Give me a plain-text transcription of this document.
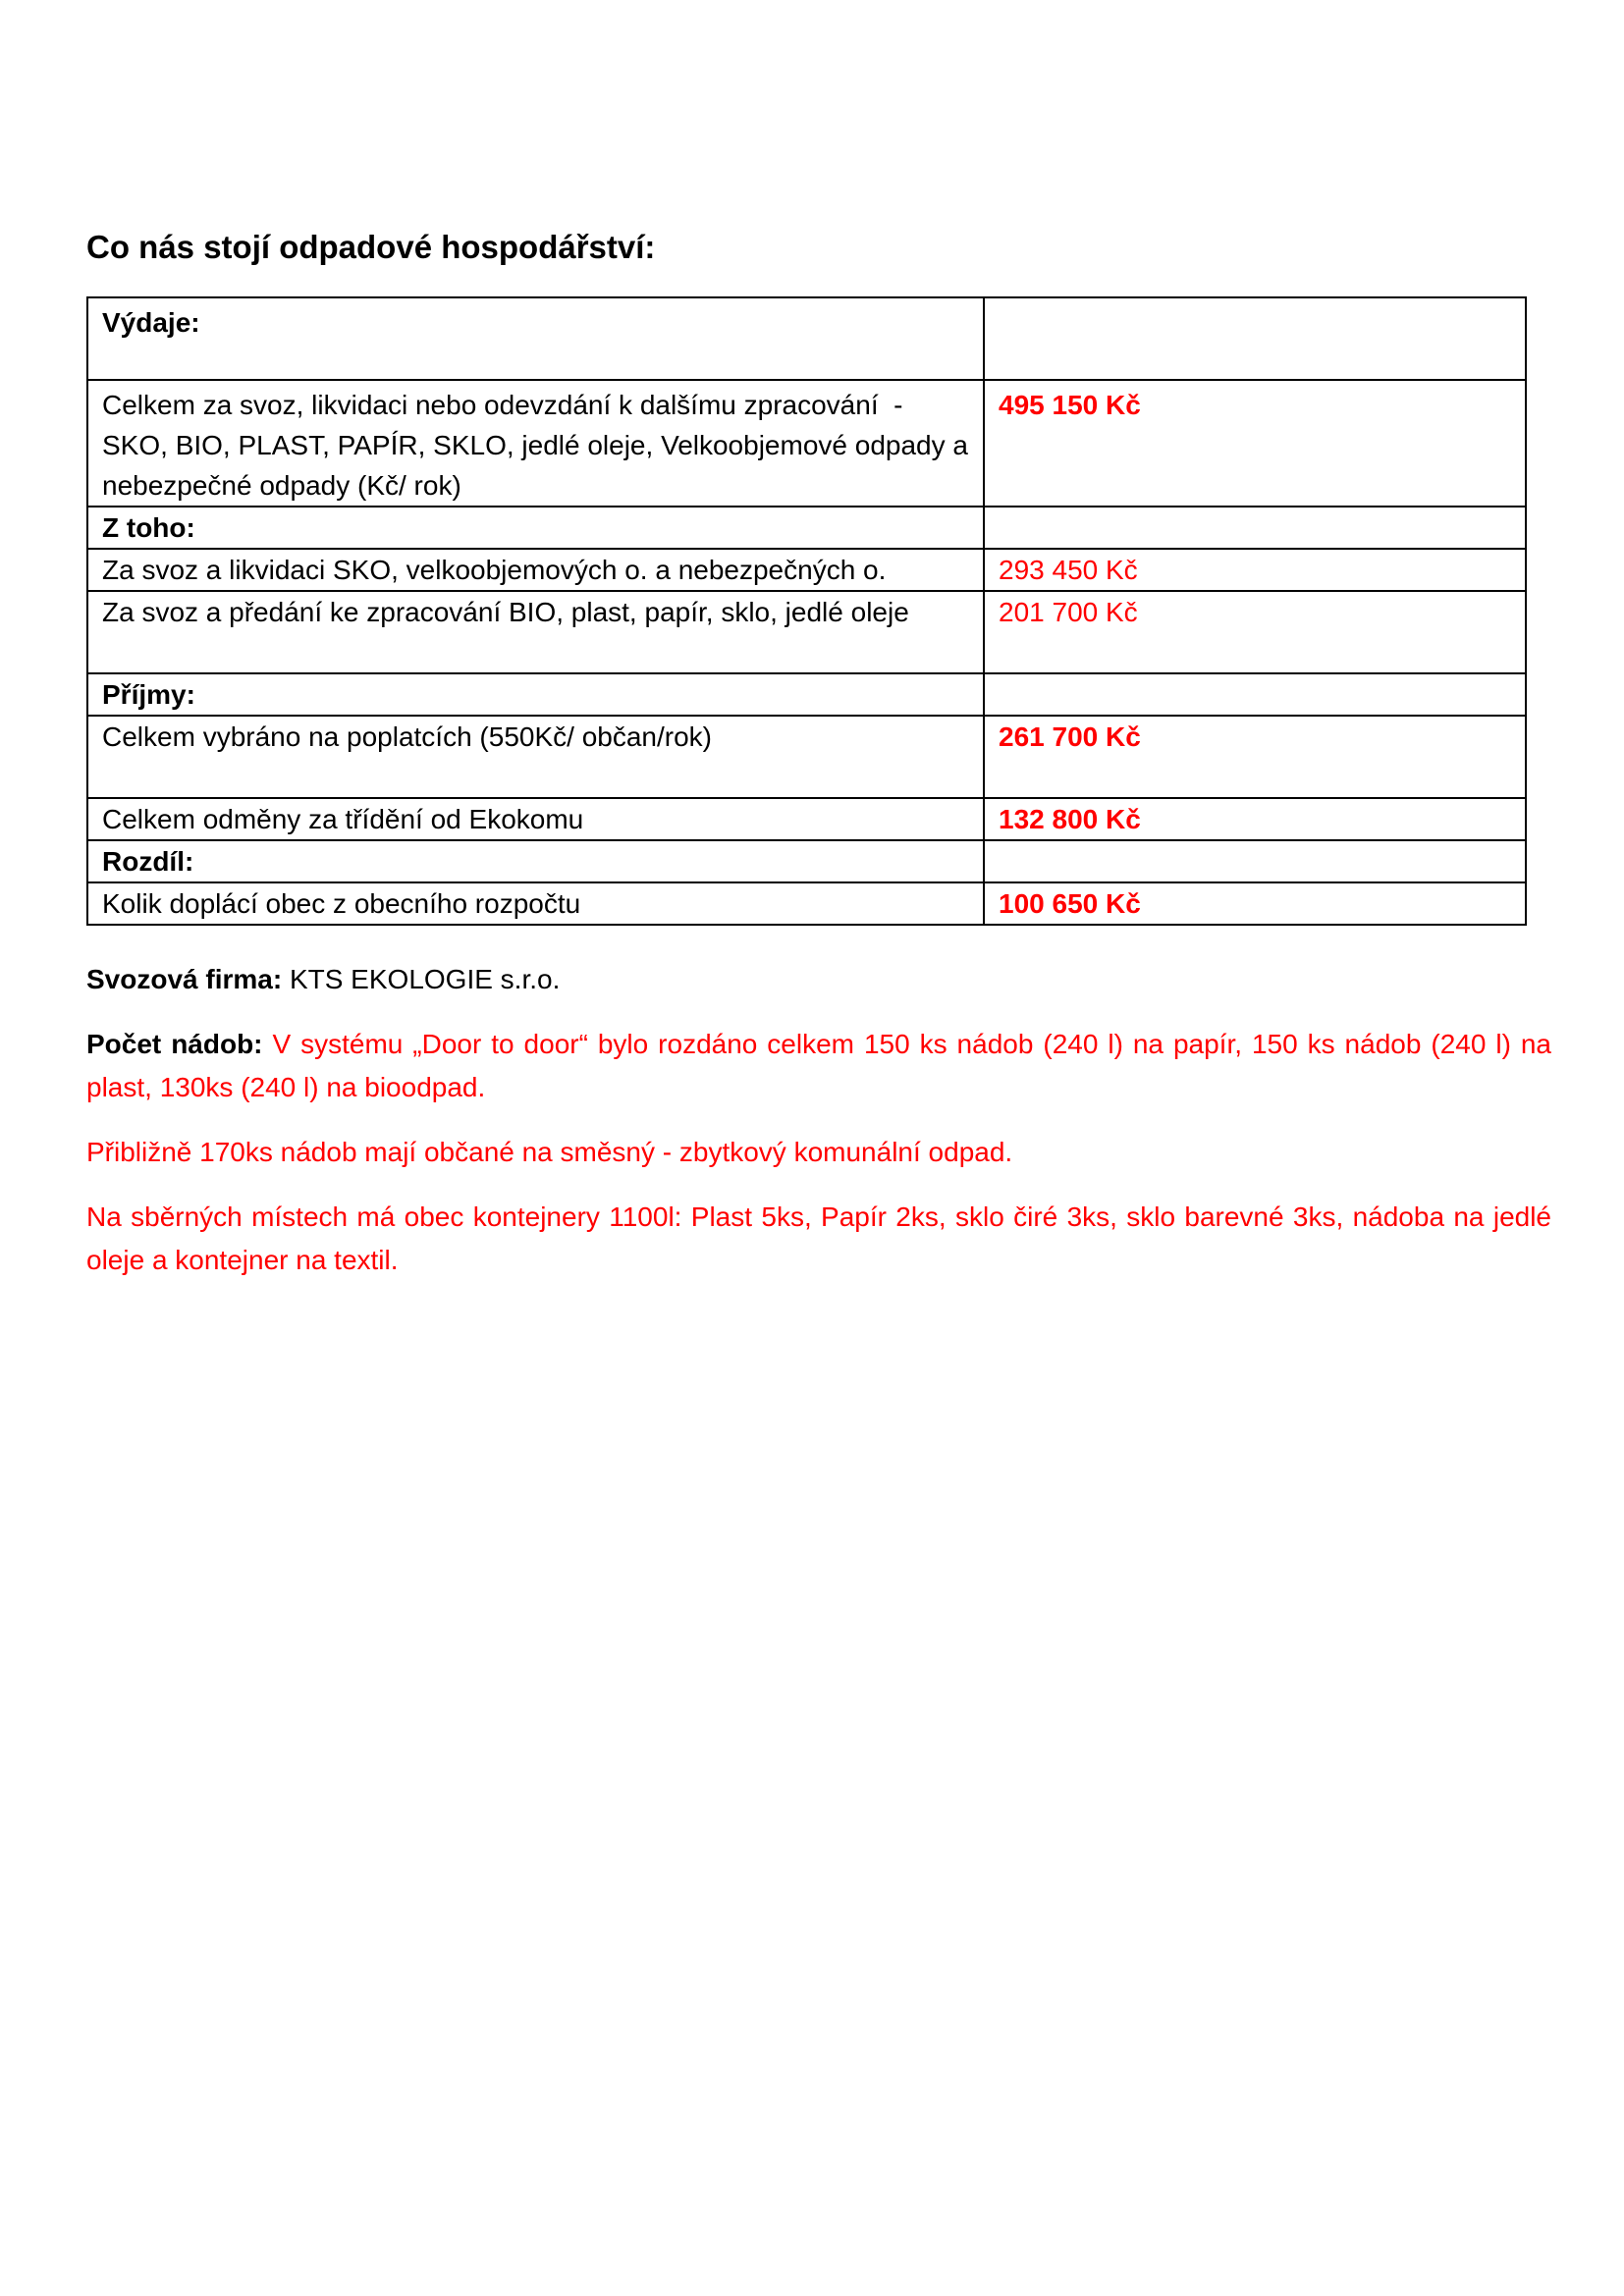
Co nás stojí odpadové hospodářství:
Výdaje:	
Celkem za svoz, likvidaci nebo odevzdání k dalšímu zpracování  - SKO, BIO, PLAST, PAPÍR, SKLO, jedlé oleje, Velkoobjemové odpady a nebezpečné odpady (Kč/ rok)	495 150 Kč
Z toho:	
Za svoz a likvidaci SKO, velkoobjemových o. a nebezpečných o.	293 450 Kč
Za svoz a předání ke zpracování BIO, plast, papír, sklo, jedlé oleje	201 700 Kč
Příjmy:	
Celkem vybráno na poplatcích (550Kč/ občan/rok)	261 700 Kč
Celkem odměny za třídění od Ekokomu	132 800 Kč
Rozdíl:	
Kolik doplácí obec z obecního rozpočtu	100 650 Kč

Svozová firma: KTS EKOLOGIE s.r.o.

Počet nádob: V systému „Door to door“ bylo rozdáno celkem 150 ks nádob (240 l) na papír, 150 ks nádob (240 l) na plast, 130ks (240 l) na bioodpad.

Přibližně 170ks nádob mají občané na směsný - zbytkový komunální odpad.

Na sběrných místech má obec kontejnery 1100l: Plast 5ks, Papír 2ks, sklo čiré 3ks, sklo barevné 3ks, nádoba na jedlé oleje a kontejner na textil.
